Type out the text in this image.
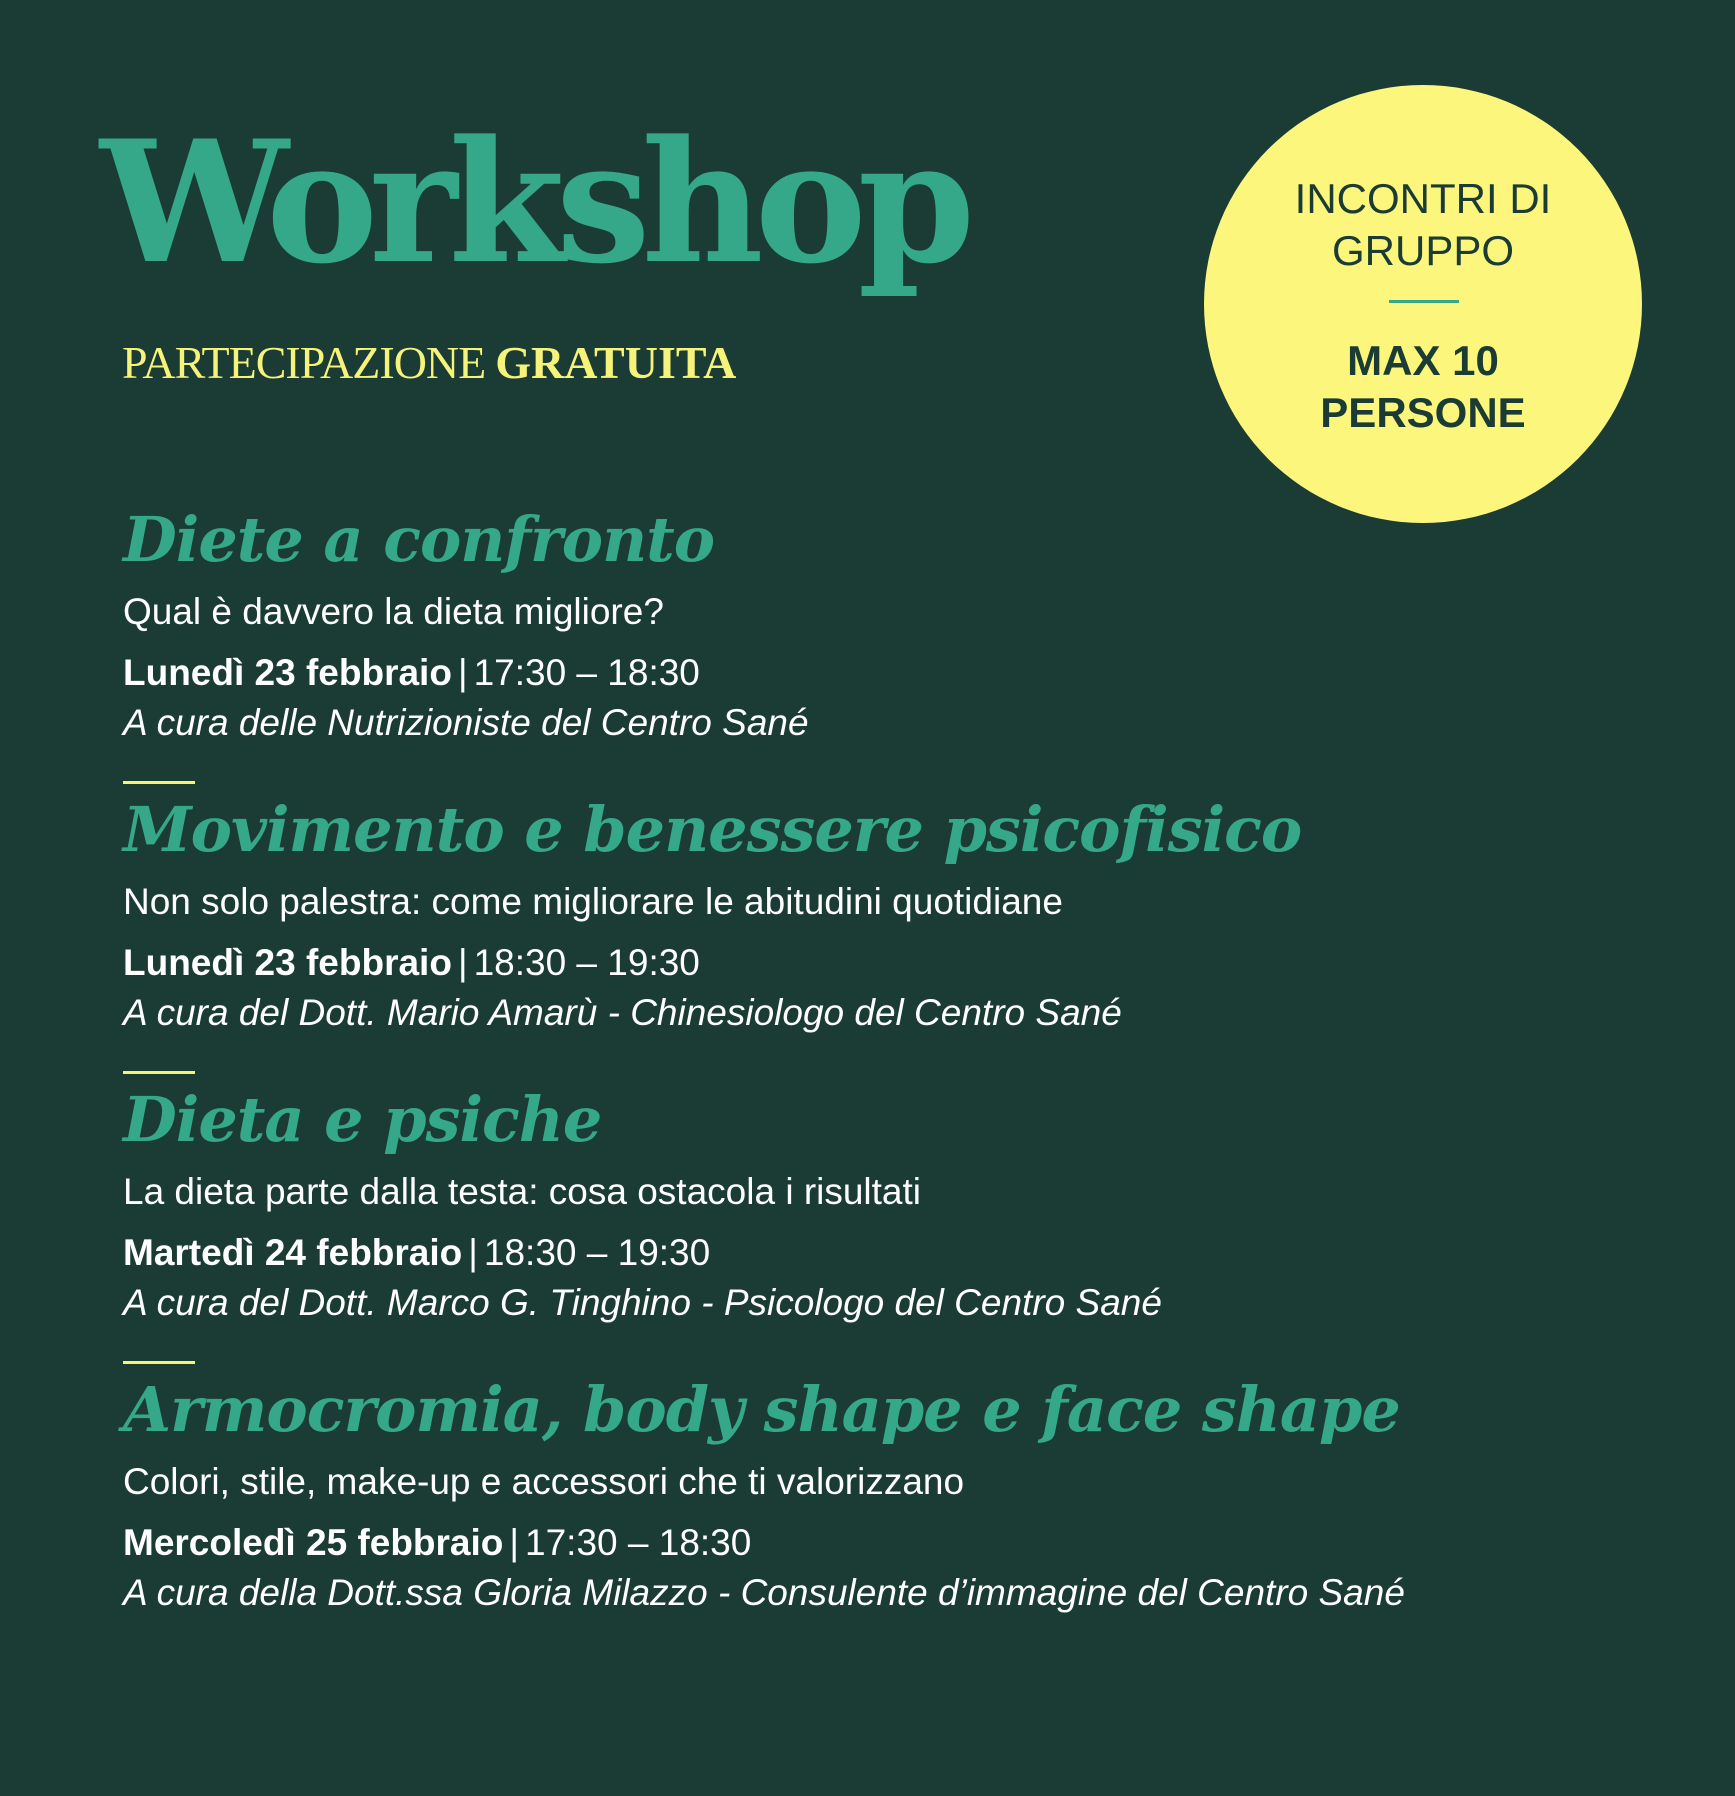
Workshop

PARTECIPAZIONE GRATUITA

INCONTRI DI
GRUPPO
MAX 10
PERSONE
Diete a confronto

Qual è davvero la dieta migliore?

Lunedì 23 febbraio | 17:30 – 18:30

A cura delle Nutrizioniste del Centro Sané

Movimento e benessere psicofisico

Non solo palestra: come migliorare le abitudini quotidiane

Lunedì 23 febbraio | 18:30 – 19:30

A cura del Dott. Mario Amarù - Chinesiologo del Centro Sané

Dieta e psiche

La dieta parte dalla testa: cosa ostacola i risultati

Martedì 24 febbraio | 18:30 – 19:30

A cura del Dott. Marco G. Tinghino - Psicologo del Centro Sané

Armocromia, body shape e face shape

Colori, stile, make-up e accessori che ti valorizzano

Mercoledì 25 febbraio | 17:30 – 18:30

A cura della Dott.ssa Gloria Milazzo - Consulente d’immagine del Centro Sané
